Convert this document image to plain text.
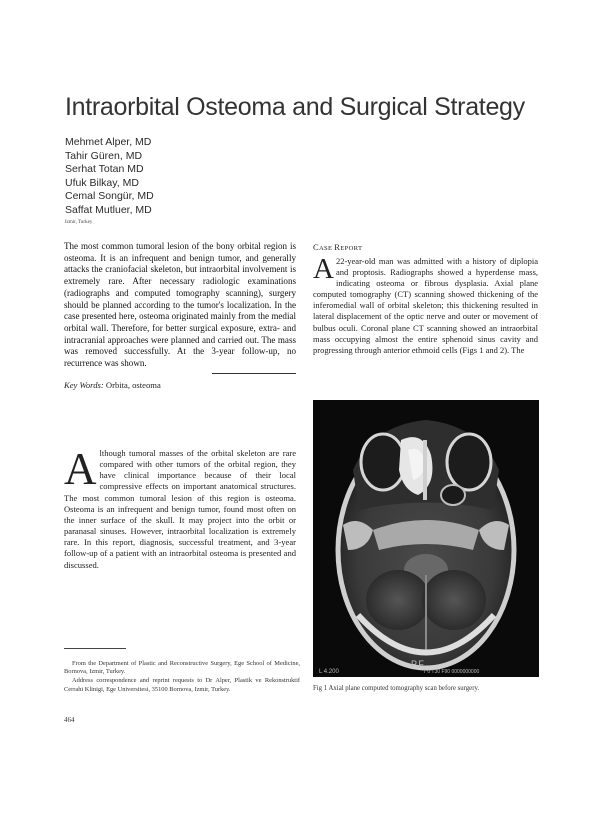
Intraorbital Osteoma and Surgical Strategy
Mehmet Alper, MD
Tahir Güren, MD
Serhat Totan MD
Ufuk Bilkay, MD
Cemal Songür, MD
Saffat Mutluer, MD
Izmir, Turkey
The most common tumoral lesion of the bony orbital region is osteoma. It is an infrequent and benign tumor, and generally attacks the craniofacial skeleton, but intraorbital involvement is extremely rare. After necessary radiologic examinations (radiographs and computed tomography scanning), surgery should be planned according to the tumor's localization. In the case presented here, osteoma originated mainly from the medial orbital wall. Therefore, for better surgical exposure, extra- and intracranial approaches were planned and carried out. The mass was removed successfully. At the 3-year follow-up, no recurrence was shown.
Key Words: Orbita, osteoma
Although tumoral masses of the orbital skeleton are rare compared with other tumors of the orbital region, they have clinical importance because of their local compressive effects on important anatomical structures. The most common tumoral lesion of this region is osteoma. Osteoma is an infrequent and benign tumor, found most often on the inner surface of the skull. It may project into the orbit or paranasal sinuses. However, intraorbital localization is extremely rare. In this report, diagnosis, successful treatment, and 3-year follow-up of a patient with an intraorbital osteoma is presented and discussed.

From the Department of Plastic and Reconstructive Surgery, Ege School of Medicine, Bornova, Izmir, Turkey.

Address correspondence and reprint requests to Dr Alper, Plastik ve Rekonstruktif Cerrahi Klinigi, Ege Universitesi, 35100 Bornova, Izmir, Turkey.

464
CASE REPORT
A 22-year-old man was admitted with a history of diplopia and proptosis. Radiographs showed a hyperdense mass, indicating osteoma or fibrous dysplasia. Axial plane computed tomography (CT) scanning showed thickening of the inferomedial wall of orbital skeleton; this thickening resulted in lateral displacement of the optic nerve and outer or movement of bulbus oculi. Coronal plane CT scanning showed an intraorbital mass occupying almost the entire sphenoid sinus cavity and progressing through anterior ethmoid cells (Figs 1 and 2). The
L 4.200
P.F.
T 0 T30 F90 0000000000
Fig 1 Axial plane computed tomography scan before surgery.
